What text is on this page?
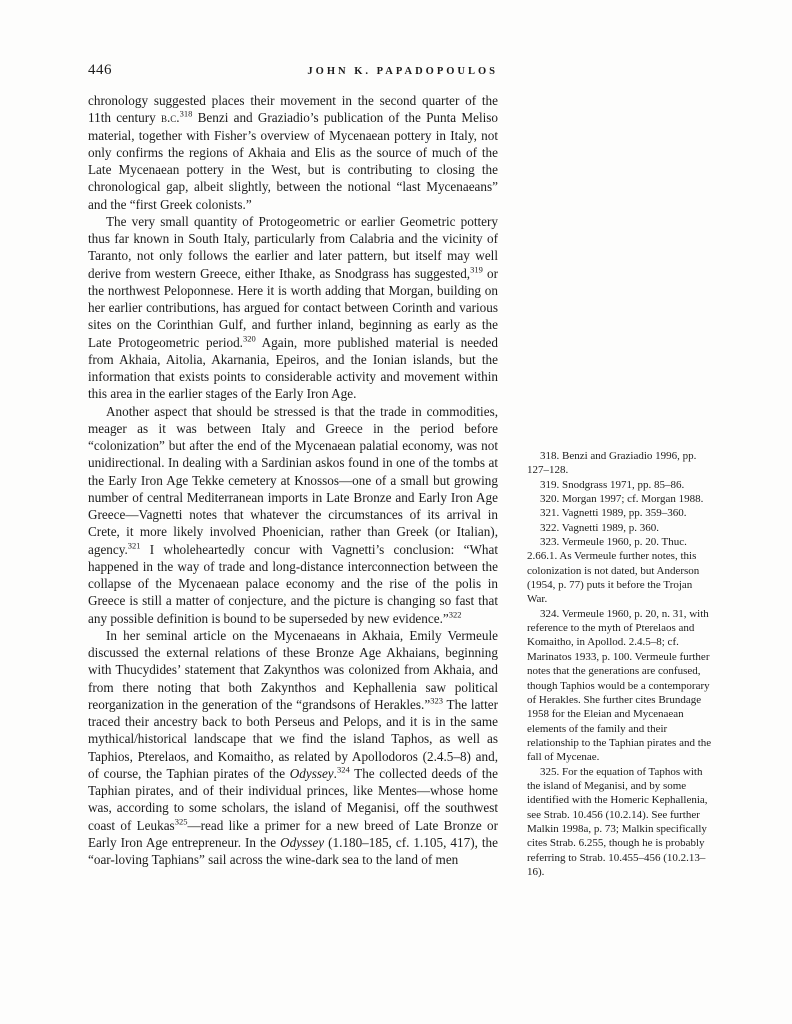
446	JOHN K. PAPADOPOULOS

chronology suggested places their movement in the second quarter of the 11th century b.c.$^{318}$ Benzi and Graziadio’s publication of the Punta Meliso material, together with Fisher’s overview of Mycenaean pottery in Italy, not only confirms the regions of Akhaia and Elis as the source of much of the Late Mycenaean pottery in the West, but is contributing to closing the chronological gap, albeit slightly, between the notional “last Mycenaeans” and the “first Greek colonists.”

The very small quantity of Protogeometric or earlier Geometric pottery thus far known in South Italy, particularly from Calabria and the vicinity of Taranto, not only follows the earlier and later pattern, but itself may well derive from western Greece, either Ithake, as Snodgrass has suggested,$^{319}$ or the northwest Peloponnese. Here it is worth adding that Morgan, building on her earlier contributions, has argued for contact between Corinth and various sites on the Corinthian Gulf, and further inland, beginning as early as the Late Protogeometric period.$^{320}$ Again, more published material is needed from Akhaia, Aitolia, Akarnania, Epeiros, and the Ionian islands, but the information that exists points to considerable activity and movement within this area in the earlier stages of the Early Iron Age.

Another aspect that should be stressed is that the trade in commodities, meager as it was between Italy and Greece in the period before “colonization” but after the end of the Mycenaean palatial economy, was not unidirectional. In dealing with a Sardinian askos found in one of the tombs at the Early Iron Age Tekke cemetery at Knossos—one of a small but growing number of central Mediterranean imports in Late Bronze and Early Iron Age Greece—Vagnetti notes that whatever the circumstances of its arrival in Crete, it more likely involved Phoenician, rather than Greek (or Italian), agency.$^{321}$ I wholeheartedly concur with Vagnetti’s conclusion: “What happened in the way of trade and long-distance interconnection between the collapse of the Mycenaean palace economy and the rise of the polis in Greece is still a matter of conjecture, and the picture is changing so fast that any possible definition is bound to be superseded by new evidence.”$^{322}$

In her seminal article on the Mycenaeans in Akhaia, Emily Vermeule discussed the external relations of these Bronze Age Akhaians, beginning with Thucydides’ statement that Zakynthos was colonized from Akhaia, and from there noting that both Zakynthos and Kephallenia saw political reorganization in the generation of the “grandsons of Herakles.”$^{323}$ The latter traced their ancestry back to both Perseus and Pelops, and it is in the same mythical/historical landscape that we find the island Taphos, as well as Taphios, Pterelaos, and Komaitho, as related by Apollodoros (2.4.5–8) and, of course, the Taphian pirates of the Odyssey.$^{324}$ The collected deeds of the Taphian pirates, and of their individual princes, like Mentes—whose home was, according to some scholars, the island of Meganisi, off the southwest coast of Leukas$^{325}$—read like a primer for a new breed of Late Bronze or Early Iron Age entrepreneur. In the Odyssey (1.180–185, cf. 1.105, 417), the “oar-loving Taphians” sail across the wine-dark sea to the land of men

318. Benzi and Graziadio 1996, pp. 127–128.

319. Snodgrass 1971, pp. 85–86.

320. Morgan 1997; cf. Morgan 1988.

321. Vagnetti 1989, pp. 359–360.

322. Vagnetti 1989, p. 360.

323. Vermeule 1960, p. 20. Thuc. 2.66.1. As Vermeule further notes, this colonization is not dated, but Anderson (1954, p. 77) puts it before the Trojan War.

324. Vermeule 1960, p. 20, n. 31, with reference to the myth of Pterelaos and Komaitho, in Apollod. 2.4.5–8; cf. Marinatos 1933, p. 100. Vermeule further notes that the generations are confused, though Taphios would be a contemporary of Herakles. She further cites Brundage 1958 for the Eleian and Mycenaean elements of the family and their relationship to the Taphian pirates and the fall of Mycenae.

325. For the equation of Taphos with the island of Meganisi, and by some identified with the Homeric Kephallenia, see Strab. 10.456 (10.2.14). See further Malkin 1998a, p. 73; Malkin specifically cites Strab. 6.255, though he is probably referring to Strab. 10.455–456 (10.2.13–16).
